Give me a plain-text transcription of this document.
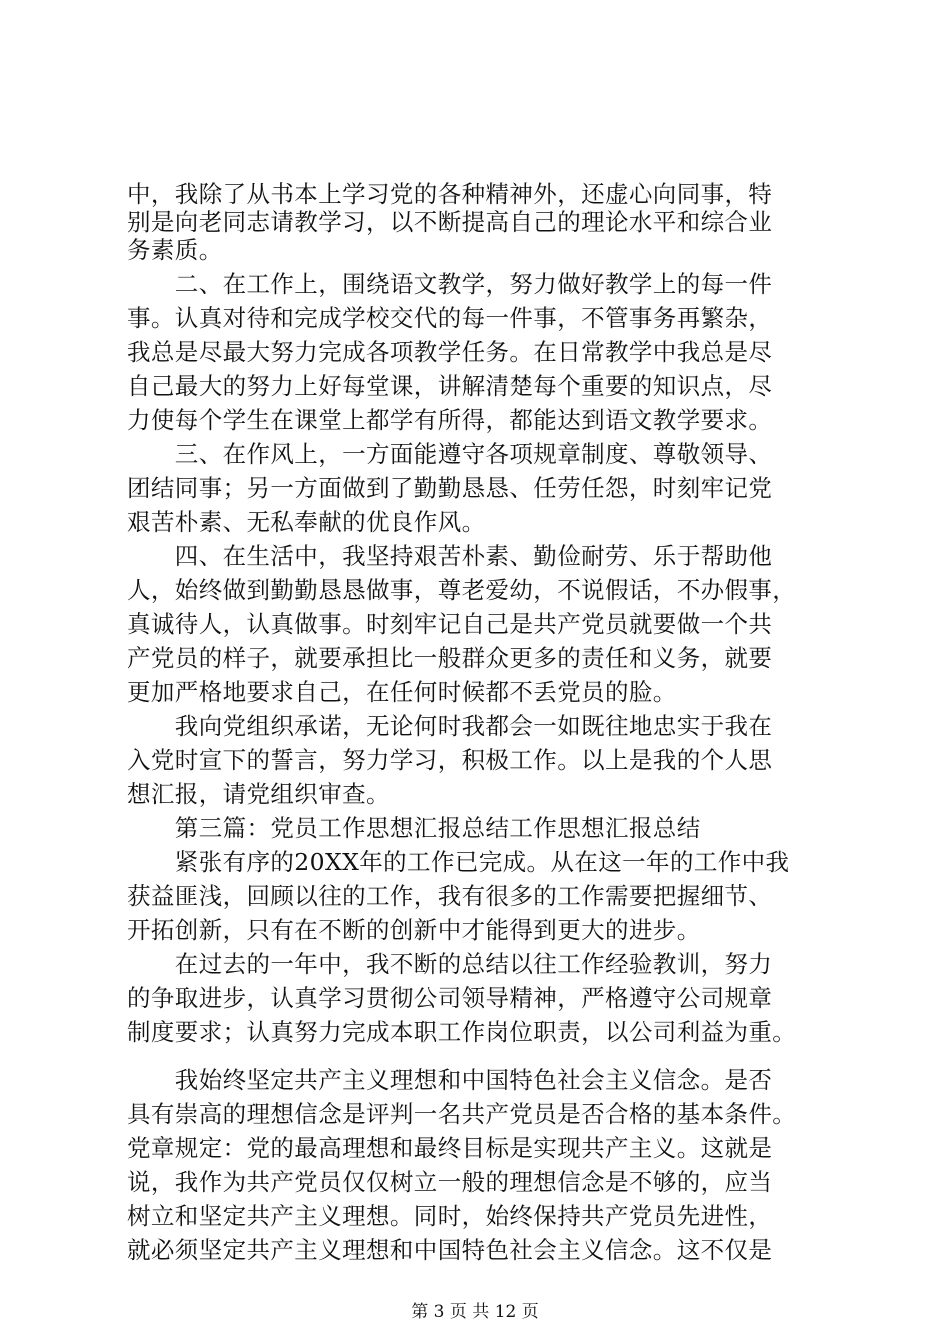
中，我除了从书本上学习党的各种精神外，还虚心向同事，特
别是向老同志请教学习，以不断提高自己的理论水平和综合业
务素质。
　　二、在工作上，围绕语文教学，努力做好教学上的每一件
事。认真对待和完成学校交代的每一件事，不管事务再繁杂，
我总是尽最大努力完成各项教学任务。在日常教学中我总是尽
自己最大的努力上好每堂课，讲解清楚每个重要的知识点，尽
力使每个学生在课堂上都学有所得，都能达到语文教学要求。
　　三、在作风上，一方面能遵守各项规章制度、尊敬领导、
团结同事；另一方面做到了勤勤恳恳、任劳任怨，时刻牢记党
艰苦朴素、无私奉献的优良作风。
　　四、在生活中，我坚持艰苦朴素、勤俭耐劳、乐于帮助他
人，始终做到勤勤恳恳做事，尊老爱幼，不说假话，不办假事，
真诚待人，认真做事。时刻牢记自己是共产党员就要做一个共
产党员的样子，就要承担比一般群众更多的责任和义务，就要
更加严格地要求自己，在任何时候都不丢党员的脸。
　　我向党组织承诺，无论何时我都会一如既往地忠实于我在
入党时宣下的誓言，努力学习，积极工作。以上是我的个人思
想汇报，请党组织审查。
　　第三篇：党员工作思想汇报总结工作思想汇报总结
　　紧张有序的20XX年的工作已完成。从在这一年的工作中我
获益匪浅，回顾以往的工作，我有很多的工作需要把握细节、
开拓创新，只有在不断的创新中才能得到更大的进步。
　　在过去的一年中，我不断的总结以往工作经验教训，努力
的争取进步，认真学习贯彻公司领导精神，严格遵守公司规章
制度要求；认真努力完成本职工作岗位职责，以公司利益为重。
　　我始终坚定共产主义理想和中国特色社会主义信念。是否
具有崇高的理想信念是评判一名共产党员是否合格的基本条件。
党章规定：党的最高理想和最终目标是实现共产主义。这就是
说，我作为共产党员仅仅树立一般的理想信念是不够的，应当
树立和坚定共产主义理想。同时，始终保持共产党员先进性，
就必须坚定共产主义理想和中国特色社会主义信念。这不仅是
第 3 页 共 12 页
